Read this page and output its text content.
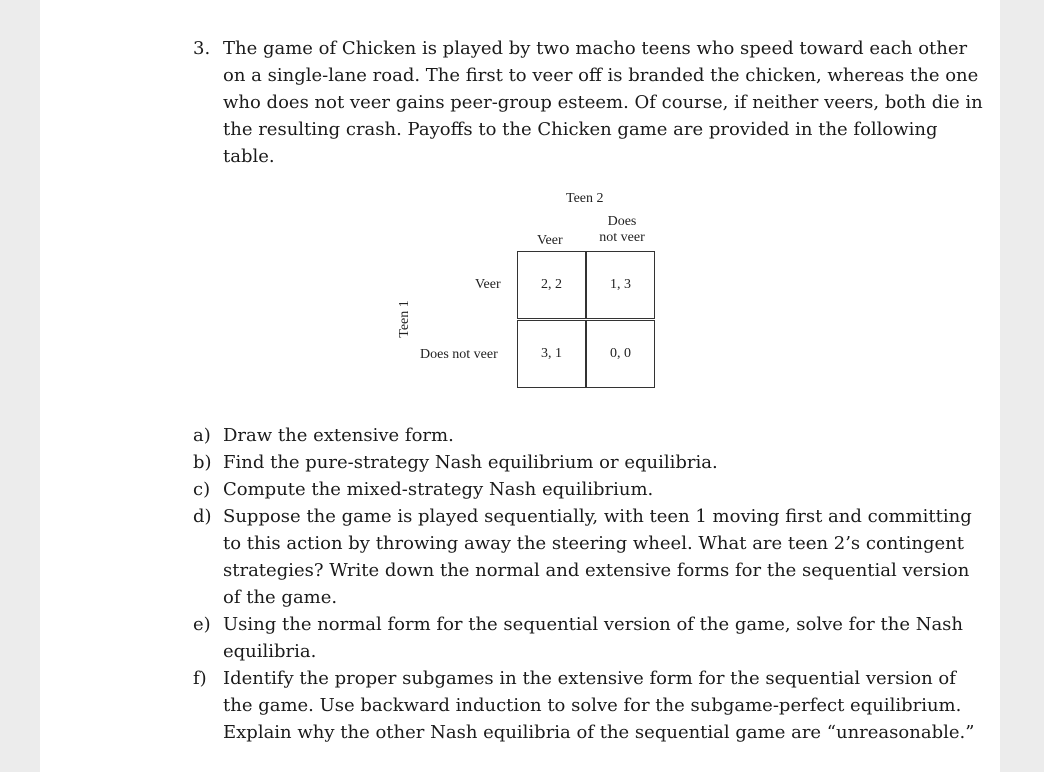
3. The game of Chicken is played by two macho teens who speed toward each other
on a single-lane road. The first to veer off is branded the chicken, whereas the one
who does not veer gains peer-group esteem. Of course, if neither veers, both die in
the resulting crash. Payoffs to the Chicken game are provided in the following
table.
Teen 2
Veer
Does
not veer
Veer
Does not veer
Teen 1
2, 2	1, 3
3, 1	0, 0
a) Draw the extensive form.
b) Find the pure-strategy Nash equilibrium or equilibria.
c) Compute the mixed-strategy Nash equilibrium.
d) Suppose the game is played sequentially, with teen 1 moving first and committing
to this action by throwing away the steering wheel. What are teen 2’s contingent
strategies? Write down the normal and extensive forms for the sequential version
of the game.
e) Using the normal form for the sequential version of the game, solve for the Nash
equilibria.
f) Identify the proper subgames in the extensive form for the sequential version of
the game. Use backward induction to solve for the subgame-perfect equilibrium.
Explain why the other Nash equilibria of the sequential game are “unreasonable.”
